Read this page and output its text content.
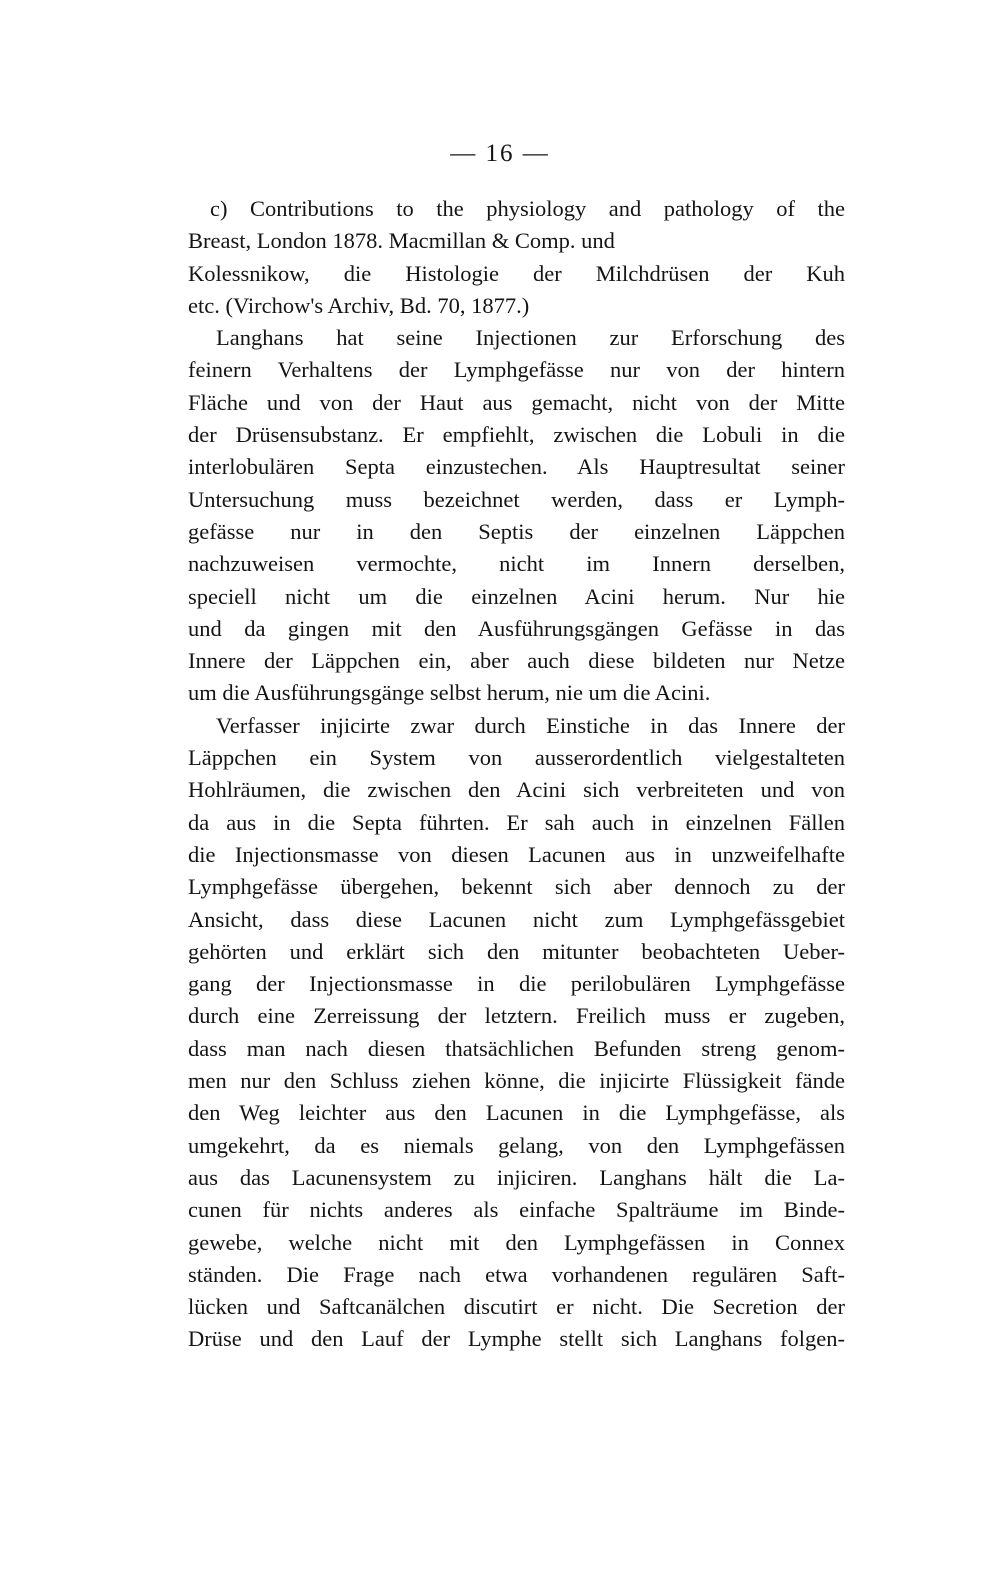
— 16 —
c) Contributions to the physiology and pathology of the
Breast, London 1878. Macmillan & Comp. und
Kolessnikow, die Histologie der Milchdrüsen der Kuh
etc. (Virchow's Archiv, Bd. 70, 1877.)
Langhans hat seine Injectionen zur Erforschung des
feinern Verhaltens der Lymphgefässe nur von der hintern
Fläche und von der Haut aus gemacht, nicht von der Mitte
der Drüsensubstanz. Er empfiehlt, zwischen die Lobuli in die
interlobulären Septa einzustechen. Als Hauptresultat seiner
Untersuchung muss bezeichnet werden, dass er Lymph-
gefässe nur in den Septis der einzelnen Läppchen
nachzuweisen vermochte, nicht im Innern derselben,
speciell nicht um die einzelnen Acini herum. Nur hie
und da gingen mit den Ausführungsgängen Gefässe in das
Innere der Läppchen ein, aber auch diese bildeten nur Netze
um die Ausführungsgänge selbst herum, nie um die Acini.
Verfasser injicirte zwar durch Einstiche in das Innere der
Läppchen ein System von ausserordentlich vielgestalteten
Hohlräumen, die zwischen den Acini sich verbreiteten und von
da aus in die Septa führten. Er sah auch in einzelnen Fällen
die Injectionsmasse von diesen Lacunen aus in unzweifelhafte
Lymphgefässe übergehen, bekennt sich aber dennoch zu der
Ansicht, dass diese Lacunen nicht zum Lymphgefässgebiet
gehörten und erklärt sich den mitunter beobachteten Ueber-
gang der Injectionsmasse in die perilobulären Lymphgefässe
durch eine Zerreissung der letztern. Freilich muss er zugeben,
dass man nach diesen thatsächlichen Befunden streng genom-
men nur den Schluss ziehen könne, die injicirte Flüssigkeit fände
den Weg leichter aus den Lacunen in die Lymphgefässe, als
umgekehrt, da es niemals gelang, von den Lymphgefässen
aus das Lacunensystem zu injiciren. Langhans hält die La-
cunen für nichts anderes als einfache Spalträume im Binde-
gewebe, welche nicht mit den Lymphgefässen in Connex
ständen. Die Frage nach etwa vorhandenen regulären Saft-
lücken und Saftcanälchen discutirt er nicht. Die Secretion der
Drüse und den Lauf der Lymphe stellt sich Langhans folgen-
